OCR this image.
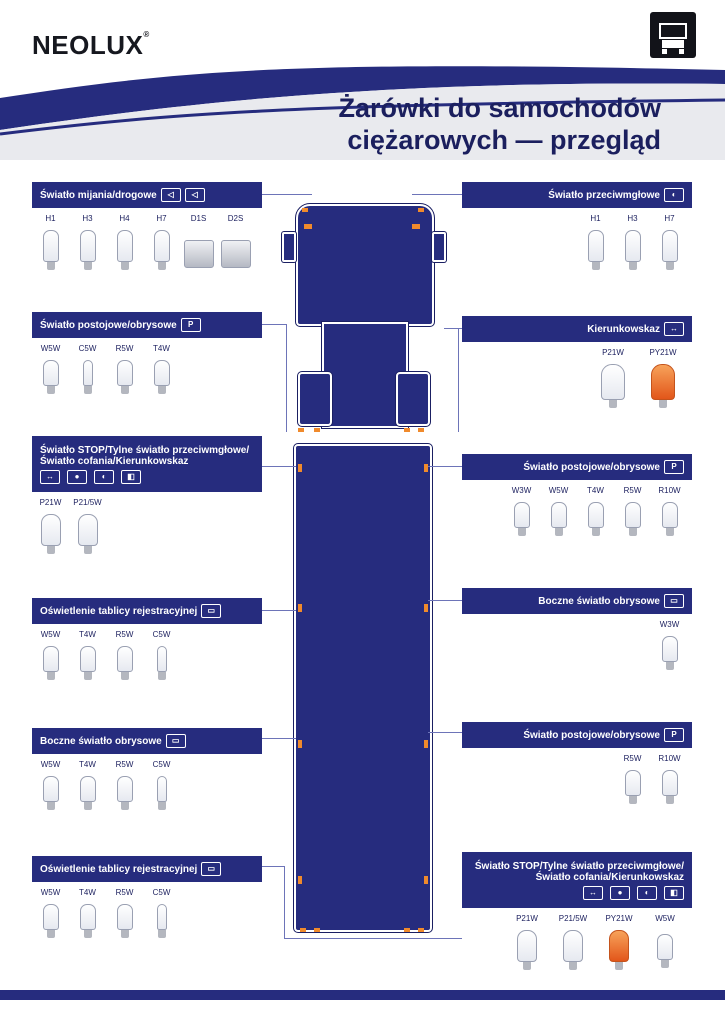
NEOLUX®
Żarówki do samochodów
ciężarowych — przegląd
Światło mijania/drogowe	◁	◁
H1	H3	H4	H7	D1S	D2S
Światło postojowe/obrysowe	P
W5W	C5W	R5W	T4W
Światło STOP/Tylne światło przeciwmgłowe/
Światło cofania/Kierunkowskaz
↔	●	◐	◧
P21W	P21/5W
Oświetlenie tablicy rejestracyjnej	▭
W5W	T4W	R5W	C5W
Boczne światło obrysowe	▭
W5W	T4W	R5W	C5W
Oświetlenie tablicy rejestracyjnej	▭
W5W	T4W	R5W	C5W
Światło przeciwmgłowe	◐
H1	H3	H7
Kierunkowskaz	↔
P21W	PY21W
Światło postojowe/obrysowe	P
W3W	W5W	T4W	R5W	R10W
Boczne światło obrysowe	▭
W3W
Światło postojowe/obrysowe	P
R5W	R10W
Światło STOP/Tylne światło przeciwmgłowe/
Światło cofania/Kierunkowskaz
↔	●	◐	◧
P21W	P21/5W	PY21W	W5W
